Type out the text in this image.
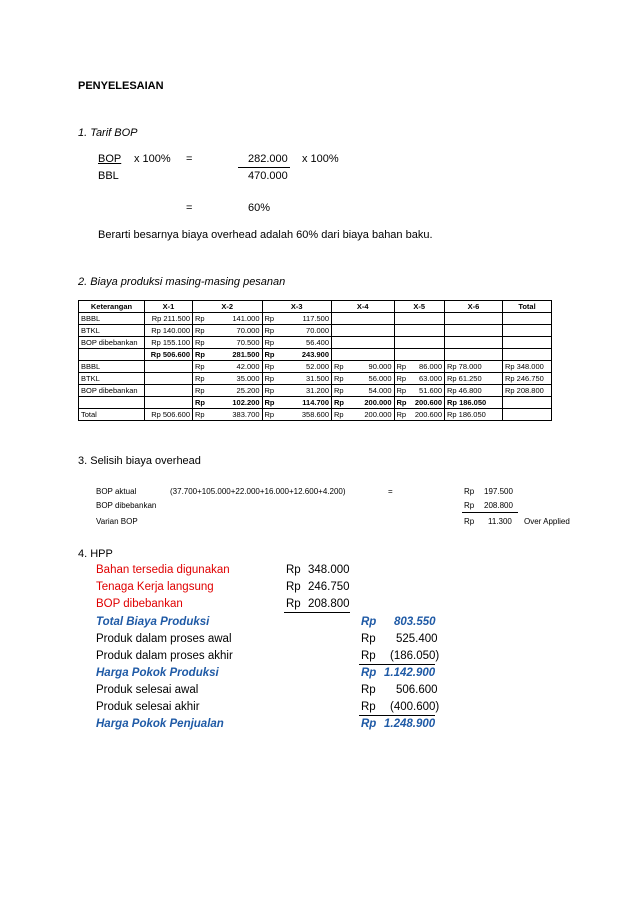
PENYELESAIAN
1. Tarif BOP
BOP x 100% =	282.000 x 100%
BBL	470.000
=	60%
Berarti besarnya biaya overhead adalah 60% dari biaya bahan baku.
2. Biaya produksi masing-masing pesanan
Keterangan	X-1	X-2		X-3		X-4		X-5		X-6	Total
BBBL	Rp 211.500	Rp	141.000	Rp	117.500						
BTKL	Rp 140.000	Rp	70.000	Rp	70.000						
BOP dibebankan	Rp 155.100	Rp	70.500	Rp	56.400						
	Rp 506.600	Rp	281.500	Rp	243.900						
BBBL		Rp	42.000	Rp	52.000	Rp	90.000	Rp	86.000	Rp 78.000	Rp 348.000
BTKL		Rp	35.000	Rp	31.500	Rp	56.000	Rp	63.000	Rp 61.250	Rp 246.750
BOP dibebankan		Rp	25.200	Rp	31.200	Rp	54.000	Rp	51.600	Rp 46.800	Rp 208.800
		Rp	102.200	Rp	114.700	Rp	200.000	Rp	200.600	Rp 186.050	
Total	Rp 506.600	Rp	383.700	Rp	358.600	Rp	200.000	Rp	200.600	Rp 186.050	
3. Selisih biaya overhead
BOP aktual	(37.700+105.000+22.000+16.000+12.600+4.200)	=	Rp 197.500
BOP dibebankan	Rp 208.800
Varian BOP	Rp 11.300 Over Applied
4. HPP
Bahan tersedia digunakan	Rp 348.000
Tenaga Kerja langsung	Rp 246.750
BOP dibebankan	Rp 208.800
Total Biaya Produksi	Rp 803.550
Produk dalam proses awal	Rp 525.400
Produk dalam proses akhir	Rp (186.050)
Harga Pokok Produksi	Rp 1.142.900
Produk selesai awal	Rp 506.600
Produk selesai akhir	Rp (400.600)
Harga Pokok Penjualan	Rp 1.248.900
